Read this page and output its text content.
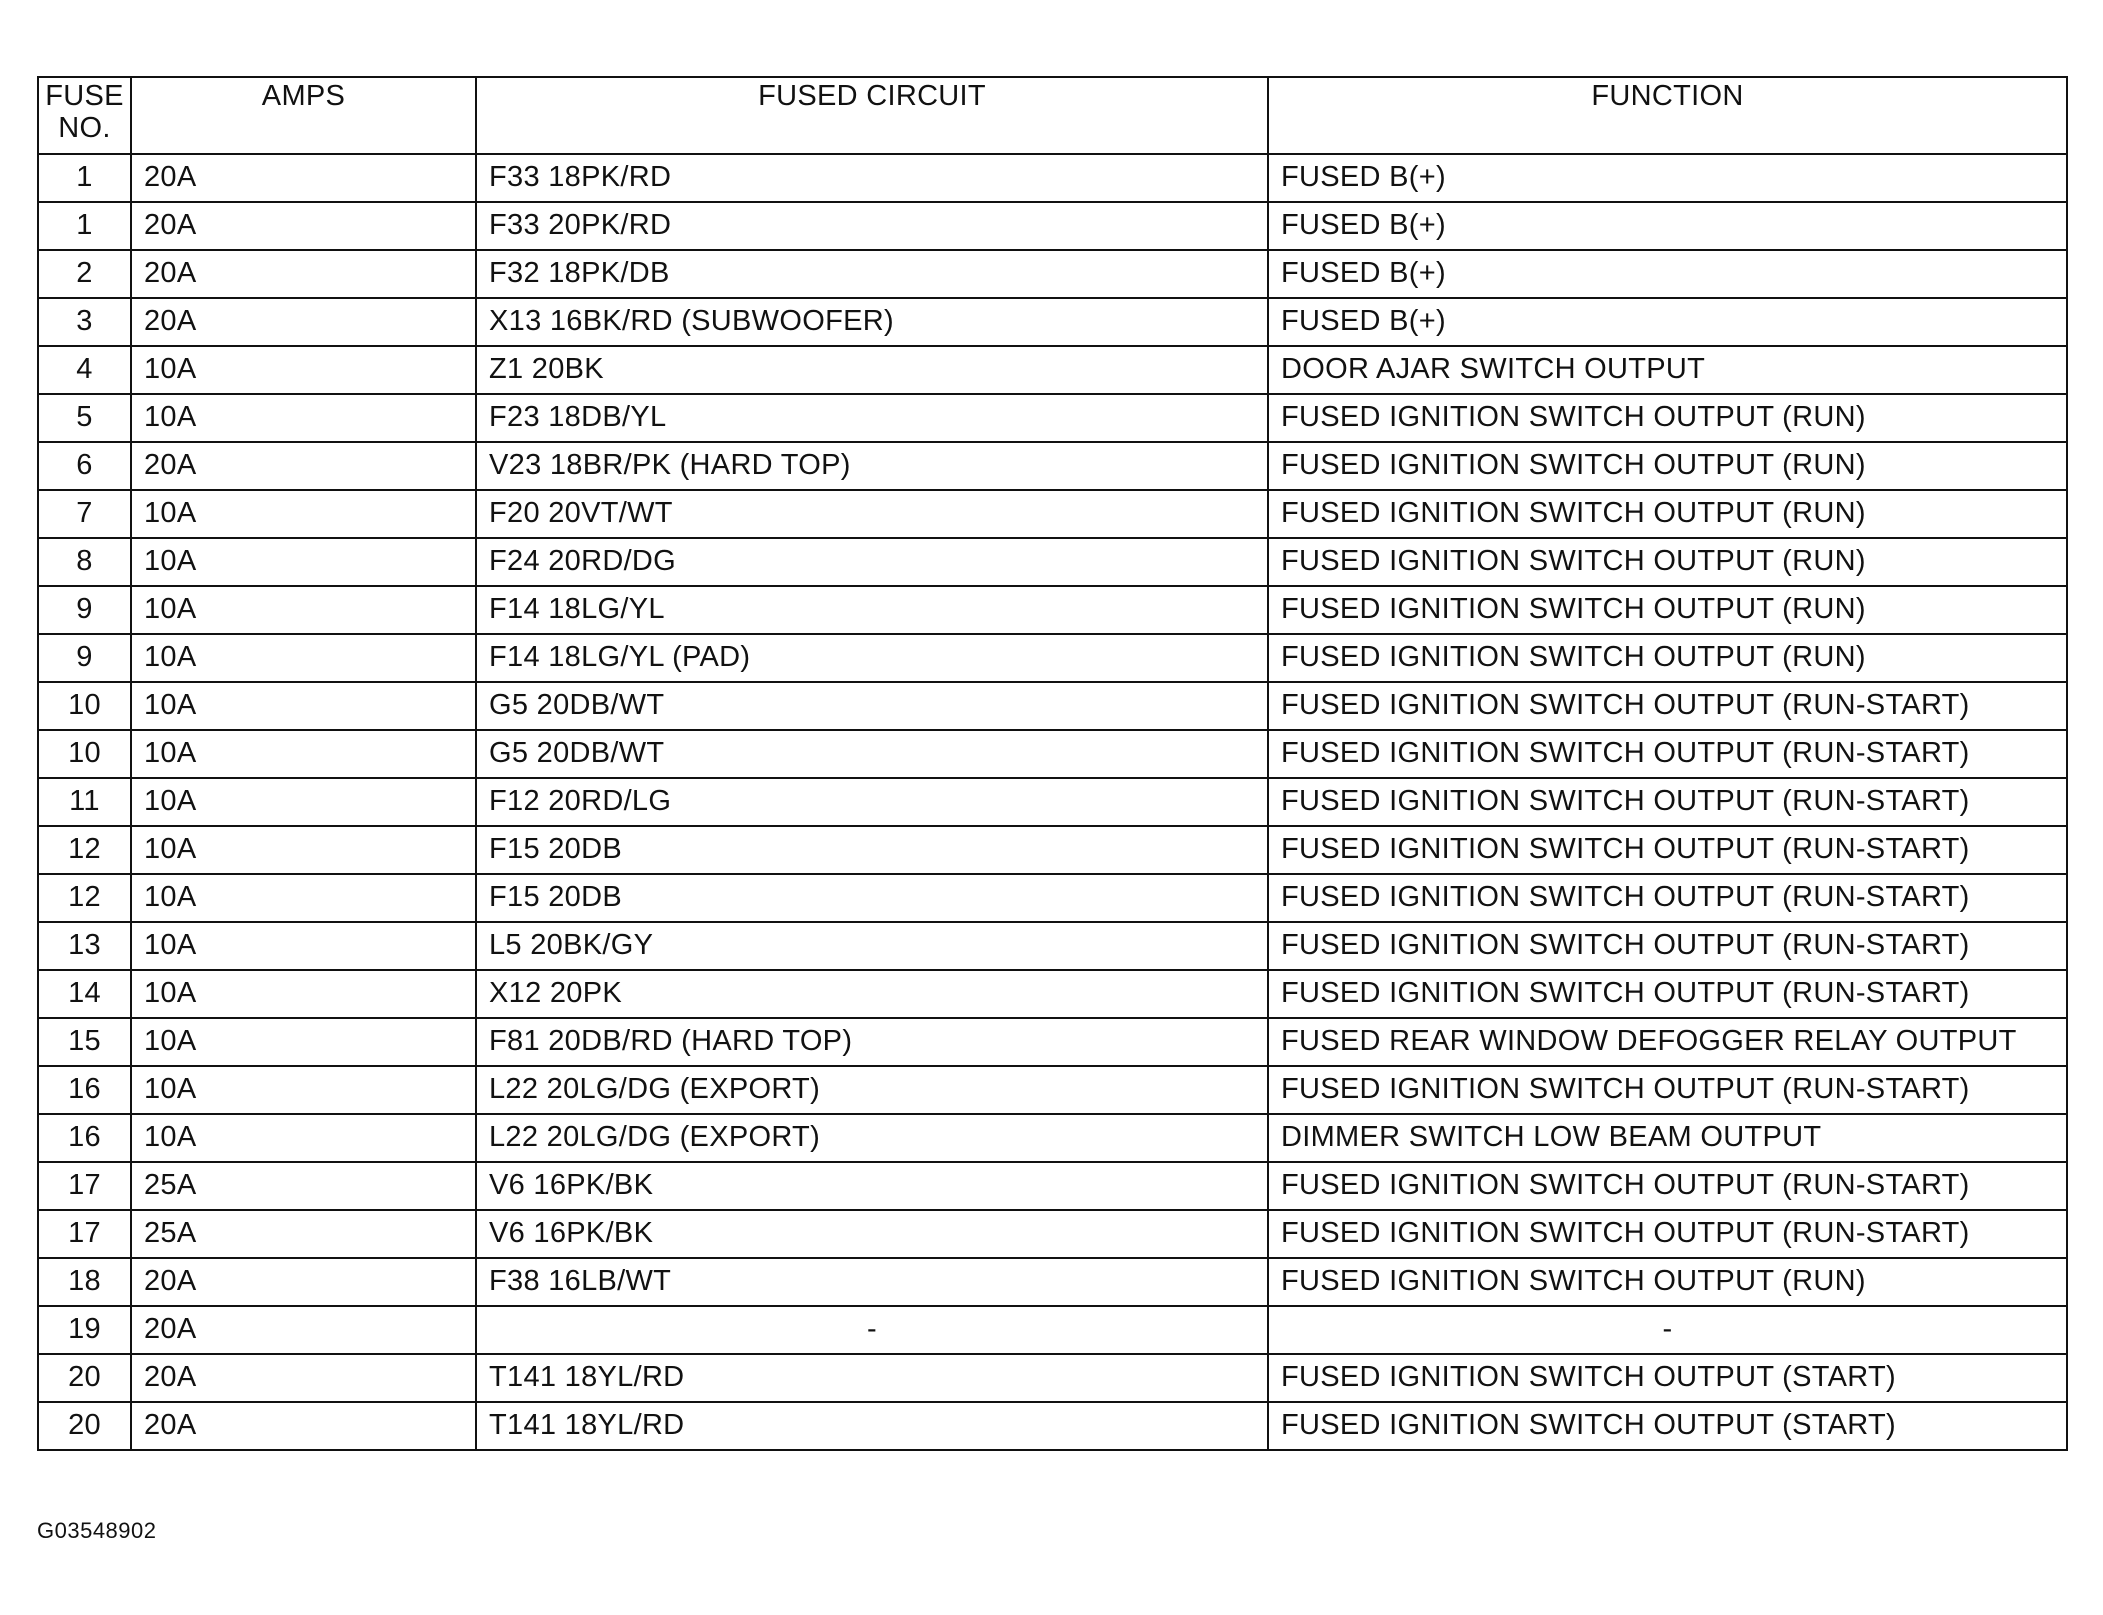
FUSE
NO.	AMPS	FUSED CIRCUIT	FUNCTION
1	20A	F33 18PK/RD	FUSED B(+)
1	20A	F33 20PK/RD	FUSED B(+)
2	20A	F32 18PK/DB	FUSED B(+)
3	20A	X13 16BK/RD (SUBWOOFER)	FUSED B(+)
4	10A	Z1 20BK	DOOR AJAR SWITCH OUTPUT
5	10A	F23 18DB/YL	FUSED IGNITION SWITCH OUTPUT (RUN)
6	20A	V23 18BR/PK (HARD TOP)	FUSED IGNITION SWITCH OUTPUT (RUN)
7	10A	F20 20VT/WT	FUSED IGNITION SWITCH OUTPUT (RUN)
8	10A	F24 20RD/DG	FUSED IGNITION SWITCH OUTPUT (RUN)
9	10A	F14 18LG/YL	FUSED IGNITION SWITCH OUTPUT (RUN)
9	10A	F14 18LG/YL (PAD)	FUSED IGNITION SWITCH OUTPUT (RUN)
10	10A	G5 20DB/WT	FUSED IGNITION SWITCH OUTPUT (RUN-START)
10	10A	G5 20DB/WT	FUSED IGNITION SWITCH OUTPUT (RUN-START)
11	10A	F12 20RD/LG	FUSED IGNITION SWITCH OUTPUT (RUN-START)
12	10A	F15 20DB	FUSED IGNITION SWITCH OUTPUT (RUN-START)
12	10A	F15 20DB	FUSED IGNITION SWITCH OUTPUT (RUN-START)
13	10A	L5 20BK/GY	FUSED IGNITION SWITCH OUTPUT (RUN-START)
14	10A	X12 20PK	FUSED IGNITION SWITCH OUTPUT (RUN-START)
15	10A	F81 20DB/RD (HARD TOP)	FUSED REAR WINDOW DEFOGGER RELAY OUTPUT
16	10A	L22 20LG/DG (EXPORT)	FUSED IGNITION SWITCH OUTPUT (RUN-START)
16	10A	L22 20LG/DG (EXPORT)	DIMMER SWITCH LOW BEAM OUTPUT
17	25A	V6 16PK/BK	FUSED IGNITION SWITCH OUTPUT (RUN-START)
17	25A	V6 16PK/BK	FUSED IGNITION SWITCH OUTPUT (RUN-START)
18	20A	F38 16LB/WT	FUSED IGNITION SWITCH OUTPUT (RUN)
19	20A	-	-
20	20A	T141 18YL/RD	FUSED IGNITION SWITCH OUTPUT (START)
20	20A	T141 18YL/RD	FUSED IGNITION SWITCH OUTPUT (START)
G03548902
